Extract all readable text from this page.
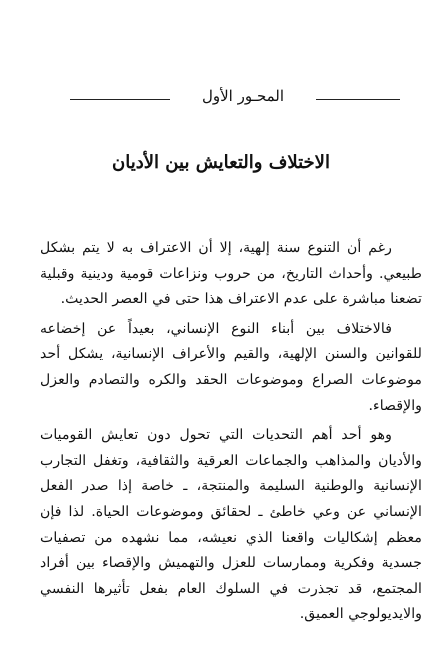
المحـور الأول
الاختلاف والتعايش بين الأديان

رغم أن التنوع سنة إلهية، إلا أن الاعتراف به لا يتم بشكل طبيعي. وأحداث التاريخ، من حروب ونزاعات قومية ودينية وقبلية تضعنا مباشرة على عدم الاعتراف هذا حتى في العصر الحديث.

فالاختلاف بين أبناء النوع الإنساني، بعيداً عن إخضاعه للقوانين والسنن الإلهية، والقيم والأعراف الإنسانية، يشكل أحد موضوعات الصراع وموضوعات الحقد والكره والتصادم والعزل والإقصاء.

وهو أحد أهم التحديات التي تحول دون تعايش القوميات والأديان والمذاهب والجماعات العرقية والثقافية، وتغفل التجارب الإنسانية والوطنية السليمة والمنتجة، ـ خاصة إذا صدر الفعل الإنساني عن وعي خاطئ ـ لحقائق وموضوعات الحياة. لذا فإن معظم إشكاليات واقعنا الذي نعيشه، مما نشهده من تصفيات جسدية وفكرية وممارسات للعزل والتهميش والإقصاء بين أفراد المجتمع، قد تجذرت في السلوك العام بفعل تأثيرها النفسي والايديولوجي العميق.
